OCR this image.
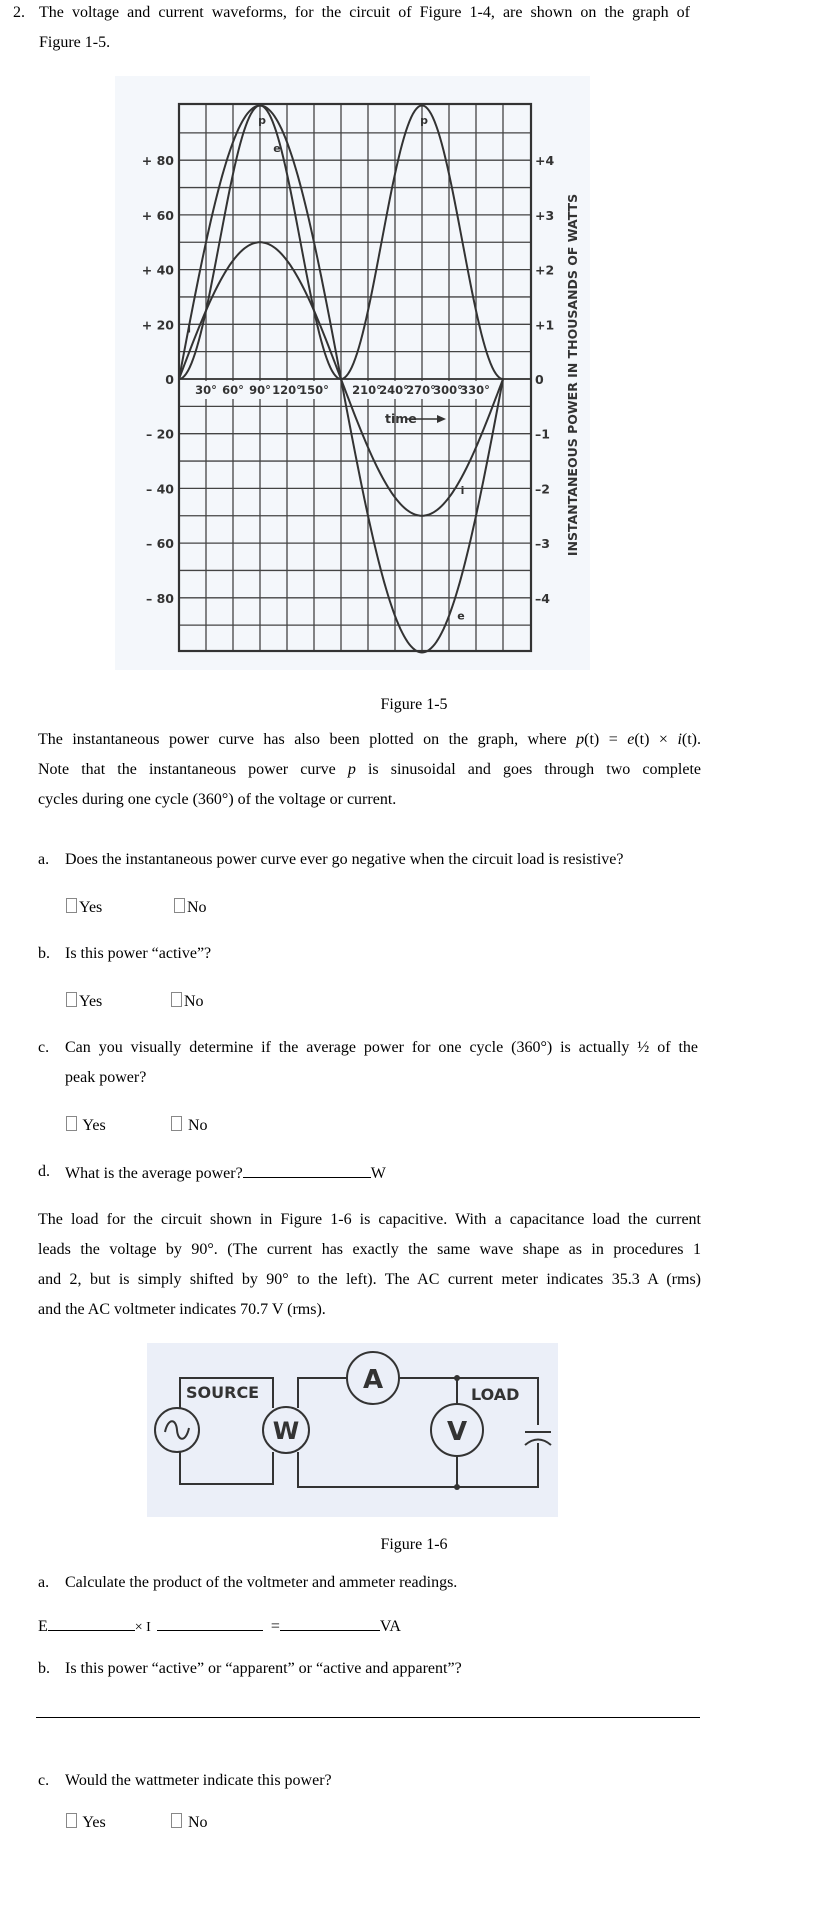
2. The voltage and current waveforms, for the circuit of Figure 1-4, are shown on the graph of
Figure 1-5.
30° 60° 90° 120°
150° 210°
240°
270°
300°
330°
+ 80
+ 60
+ 40
+ 20
0
– 20
– 40
– 60
– 80
+4
+3
+2
+1
0
–1
–2
–3
–4
p	p
e
e
i
i	INSTANTANEOUS POWER IN THOUSANDS OF WATTS
time
Figure 1-5
The instantaneous power curve has also been plotted on the graph, where p(t) = e(t) × i(t).
Note that the instantaneous power curve p is sinusoidal and goes through two complete
cycles during one cycle (360°) of the voltage or current.
a. Does the instantaneous power curve ever go negative when the circuit load is resistive?
Yes	No
b. Is this power “active”?
Yes	No
c. Can you visually determine if the average power for one cycle (360°) is actually ½ of the
peak power?
Yes	No
d. What is the average power?	W
The load for the circuit shown in Figure 1-6 is capacitive. With a capacitance load the current
leads the voltage by 90°. (The current has exactly the same wave shape as in procedures 1
and 2, but is simply shifted by 90° to the left). The AC current meter indicates 35.3 A (rms)
and the AC voltmeter indicates 70.7 V (rms).
W
A
V
SOURCE	LOAD
Figure 1-6
a. Calculate the product of the voltmeter and ammeter readings.
E	× I	=	VA
b. Is this power “active” or “apparent” or “active and apparent”?
c. Would the wattmeter indicate this power?
Yes	No
